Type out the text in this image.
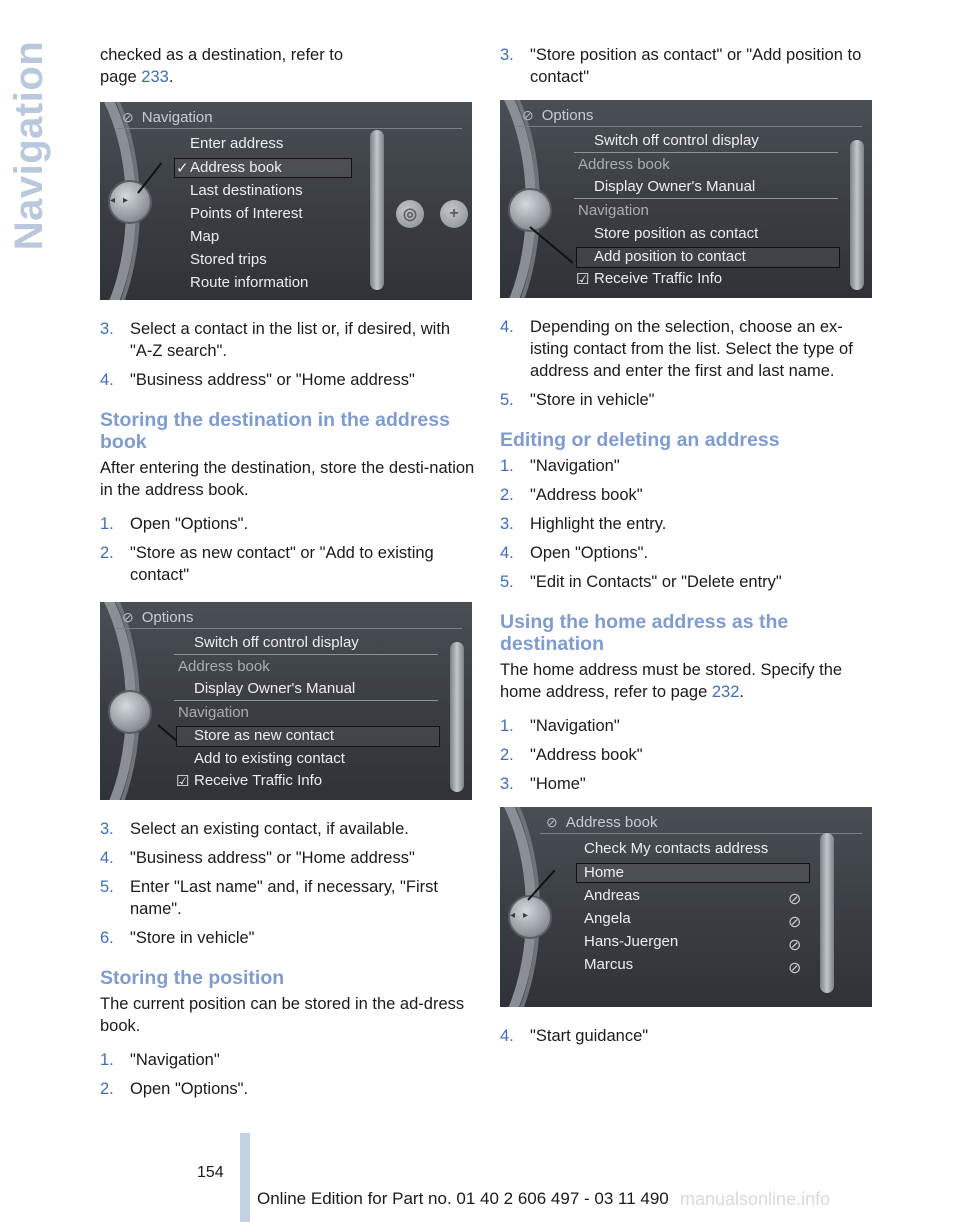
Navigation	checked as a destination, refer to
page 233.

◂▸
⊘ Navigation
Enter address
✓ Address book
Last destinations
Points of Interest
Map
Stored trips
Route information
◎	+
3. Select a contact in the list or, if desired, with "A-Z search".
4. "Business address" or "Home address"
Storing the destination in the address book

After entering the destination, store the desti‐nation in the address book.

1. Open "Options".
2. "Store as new contact" or "Add to existing contact"
⊘ Options
Switch off control display
Address book
Display Owner's Manual
Navigation
Store as new contact
Add to existing contact
☑ Receive Traffic Info
3. Select an existing contact, if available.
4. "Business address" or "Home address"
5. Enter "Last name" and, if necessary, "First name".
6. "Store in vehicle"
Storing the position

The current position can be stored in the ad‐dress book.

1. "Navigation"
2. Open "Options".
3. "Store position as contact" or "Add position to contact"
⊘ Options
Switch off control display
Address book
Display Owner's Manual
Navigation
Store position as contact
Add position to contact
☑ Receive Traffic Info
4. Depending on the selection, choose an ex‐isting contact from the list. Select the type of address and enter the first and last name.
5. "Store in vehicle"
Editing or deleting an address
1. "Navigation"
2. "Address book"
3. Highlight the entry.
4. Open "Options".
5. "Edit in Contacts" or "Delete entry"
Using the home address as the destination

The home address must be stored. Specify the home address, refer to page 232.

1. "Navigation"
2. "Address book"
3. "Home"
◂▸
⊘ Address book
Check My contacts address
Home
Andreas
Angela
Hans-Juergen
Marcus
⊘
⊘
⊘
⊘
4. "Start guidance"
154
Online Edition for Part no. 01 40 2 606 497 - 03 11 490 manualsonline.info
